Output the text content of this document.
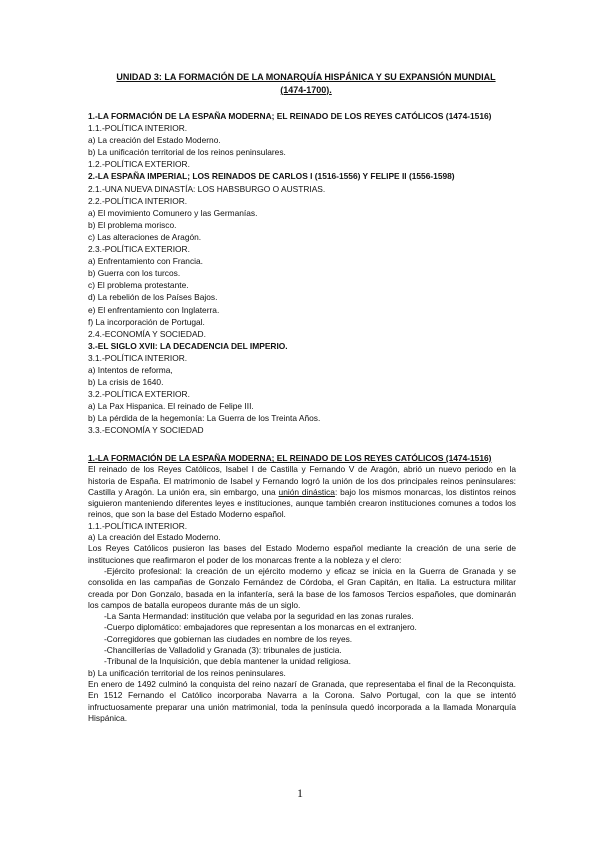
UNIDAD 3: LA FORMACIÓN DE LA MONARQUÍA HISPÁNICA Y SU EXPANSIÓN MUNDIAL
(1474-1700).
1.-LA FORMACIÓN DE LA ESPAÑA MODERNA; EL REINADO DE LOS REYES CATÓLICOS (1474-1516)
1.1.-POLÍTICA INTERIOR.
a) La creación del Estado Moderno.
b) La unificación territorial de los reinos peninsulares.
1.2.-POLÍTICA EXTERIOR.
2.-LA ESPAÑA IMPERIAL; LOS REINADOS DE CARLOS I (1516-1556) Y FELIPE II (1556-1598)
2.1.-UNA NUEVA DINASTÍA: LOS HABSBURGO O AUSTRIAS.
2.2.-POLÍTICA INTERIOR.
a) El movimiento Comunero y las Germanías.
b) El problema morisco.
c) Las alteraciones de Aragón.
2.3.-POLÍTICA EXTERIOR.
a) Enfrentamiento con Francia.
b) Guerra con los turcos.
c) El problema protestante.
d) La rebelión de los Países Bajos.
e) El enfrentamiento con Inglaterra.
f) La incorporación de Portugal.
2.4.-ECONOMÍA Y SOCIEDAD.
3.-EL SIGLO XVII: LA DECADENCIA DEL IMPERIO.
3.1.-POLÍTICA INTERIOR.
a) Intentos de reforma,
b) La crisis de 1640.
3.2.-POLÍTICA EXTERIOR.
a) La Pax Hispanica. El reinado de Felipe III.
b) La pérdida de la hegemonía: La Guerra de los Treinta Años.
3.3.-ECONOMÍA Y SOCIEDAD
1.-LA FORMACIÓN DE LA ESPAÑA MODERNA; EL REINADO DE LOS REYES CATÓLICOS (1474-1516)

El reinado de los Reyes Católicos, Isabel I de Castilla y Fernando V de Aragón, abrió un nuevo periodo en la historia de España. El matrimonio de Isabel y Fernando logró la unión de los dos principales reinos peninsulares: Castilla y Aragón. La unión era, sin embargo, una unión dinástica: bajo los mismos monarcas, los distintos reinos siguieron manteniendo diferentes leyes e instituciones, aunque también crearon instituciones comunes a todos los reinos, que son la base del Estado Moderno español.

1.1.-POLÍTICA INTERIOR.
a) La creación del Estado Moderno.

Los Reyes Católicos pusieron las bases del Estado Moderno español mediante la creación de una serie de instituciones que reafirmaron el poder de los monarcas frente a la nobleza y el clero:

-Ejército profesional: la creación de un ejército moderno y eficaz se inicia en la Guerra de Granada y se consolida en las campañas de Gonzalo Fernández de Córdoba, el Gran Capitán, en Italia. La estructura militar creada por Don Gonzalo, basada en la infantería, será la base de los famosos Tercios españoles, que dominarán los campos de batalla europeos durante más de un siglo.

-La Santa Hermandad: institución que velaba por la seguridad en las zonas rurales.
-Cuerpo diplomático: embajadores que representan a los monarcas en el extranjero.
-Corregidores que gobiernan las ciudades en nombre de los reyes.
-Chancillerías de Valladolid y Granada (3): tribunales de justicia.
-Tribunal de la Inquisición, que debía mantener la unidad religiosa.
b) La unificación territorial de los reinos peninsulares.

En enero de 1492 culminó la conquista del reino nazarí de Granada, que representaba el final de la Reconquista. En 1512 Fernando el Católico incorporaba Navarra a la Corona. Salvo Portugal, con la que se intentó infructuosamente preparar una unión matrimonial, toda la península quedó incorporada a la llamada Monarquía Hispánica.

1
